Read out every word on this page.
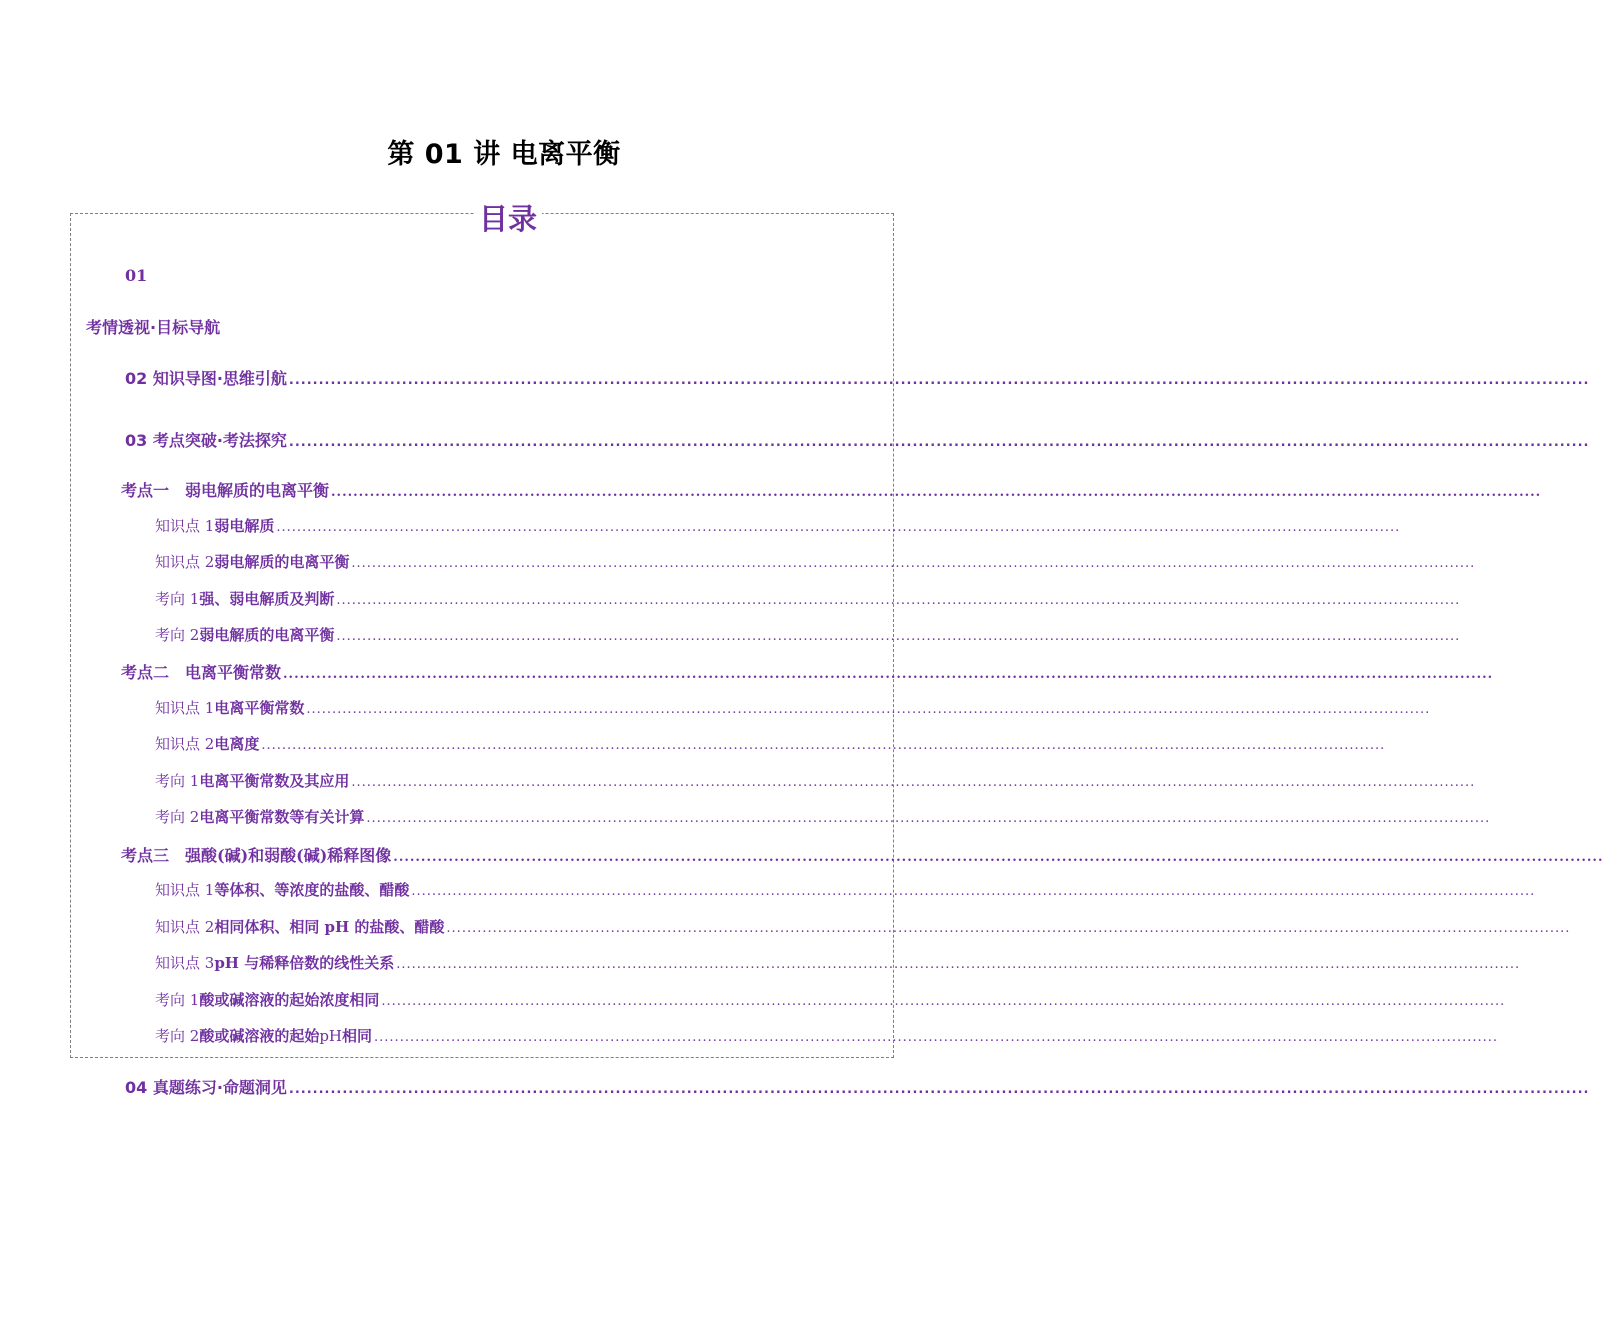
第 01 讲 电离平衡
目录
01
考情透视·目标导航
02 知识导图·思维引航 ...........................................................................................................................................................................................................................
03 考点突破·考法探究 ...........................................................................................................................................................................................................................
考点一　弱电解质的电离平衡 ...........................................................................................................................................................................................................................
知识点 1 弱电解质 ...........................................................................................................................................................................................................................
知识点 2 弱电解质的电离平衡 ...........................................................................................................................................................................................................................
考向 1 强、弱电解质及判断 ...........................................................................................................................................................................................................................
考向 2 弱电解质的电离平衡 ...........................................................................................................................................................................................................................
考点二　电离平衡常数 ...........................................................................................................................................................................................................................
知识点 1 电离平衡常数 ...........................................................................................................................................................................................................................
知识点 2 电离度 ...........................................................................................................................................................................................................................
考向 1 电离平衡常数及其应用 ...........................................................................................................................................................................................................................
考向 2 电离平衡常数等有关计算 ...........................................................................................................................................................................................................................
考点三　强酸(碱)和弱酸(碱)稀释图像 ...........................................................................................................................................................................................................................
知识点 1 等体积、等浓度的盐酸、醋酸 ...........................................................................................................................................................................................................................
知识点 2 相同体积、相同 pH 的盐酸、醋酸 ...........................................................................................................................................................................................................................
知识点 3 pH 与稀释倍数的线性关系 ...........................................................................................................................................................................................................................
考向 1 酸或碱溶液的起始浓度相同 ...........................................................................................................................................................................................................................
考向 2 酸或碱溶液的起始 pH 相同 ...........................................................................................................................................................................................................................
04 真题练习·命题洞见 ...........................................................................................................................................................................................................................
